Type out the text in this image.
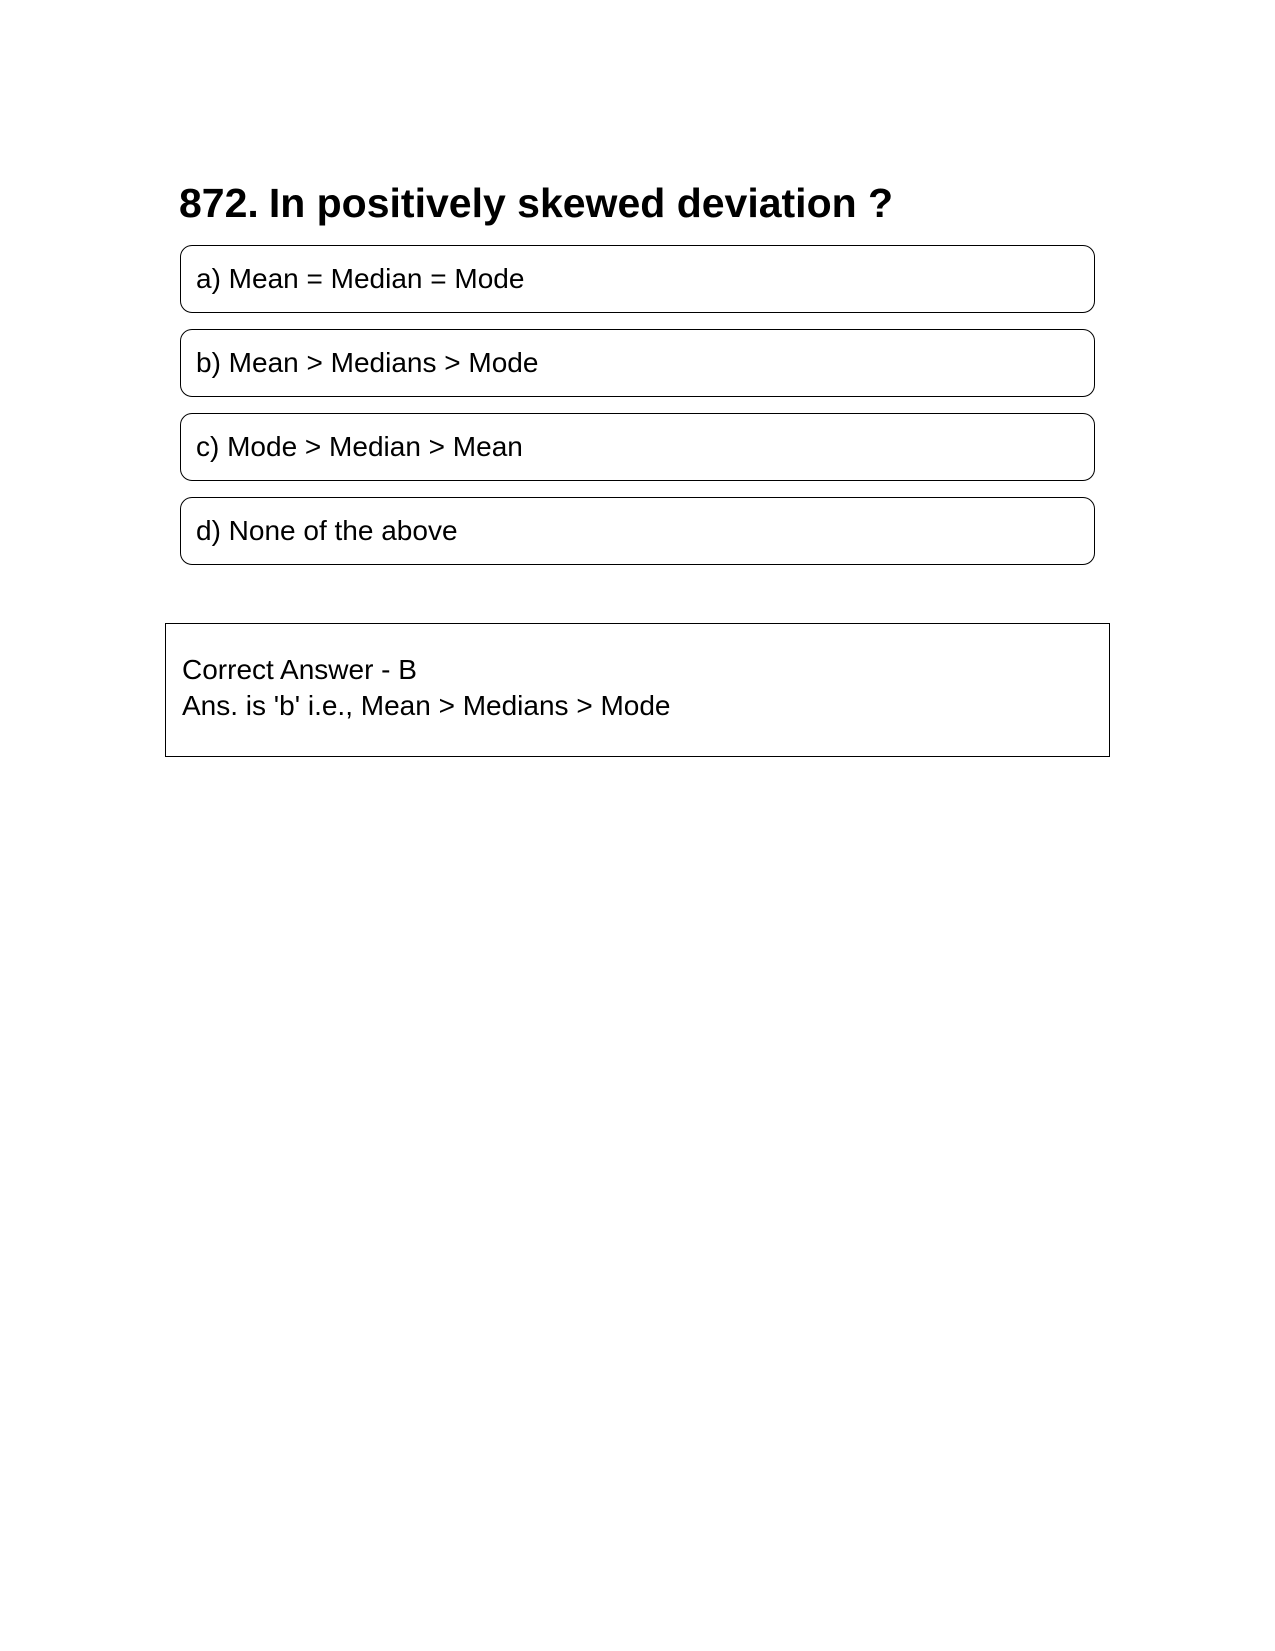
872. In positively skewed deviation ?
a) Mean = Median = Mode
b) Mean > Medians > Mode
c) Mode > Median > Mean
d) None of the above
Correct Answer - B
Ans. is 'b' i.e., Mean > Medians > Mode
